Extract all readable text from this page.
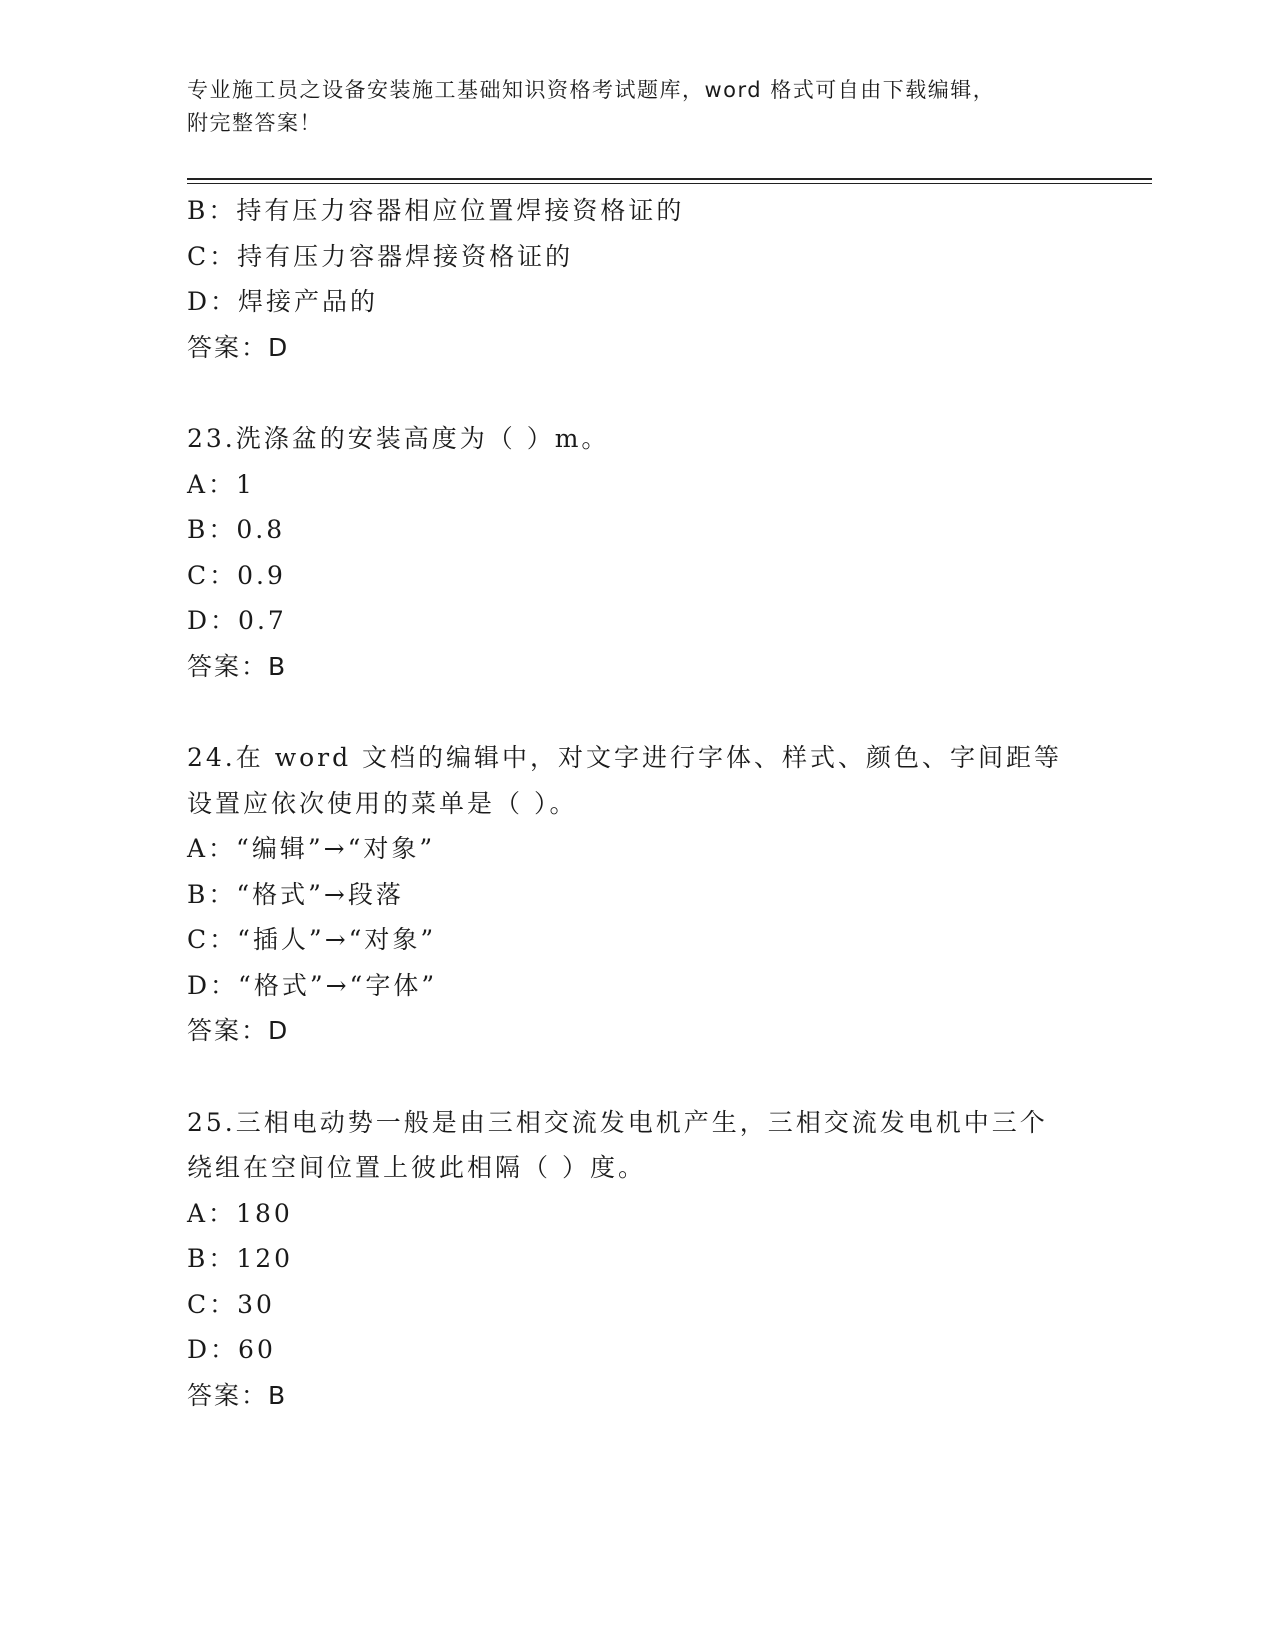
专业施工员之设备安装施工基础知识资格考试题库，word 格式可自由下载编辑，
附完整答案！
B：持有压力容器相应位置焊接资格证的
C：持有压力容器焊接资格证的
D：焊接产品的
答案：D
23.洗涤盆的安装高度为（ ）m。
A：1
B：0.8
C：0.9
D：0.7
答案：B
24.在 word 文档的编辑中，对文字进行字体、样式、颜色、字间距等
设置应依次使用的菜单是（ ）。
A：“编辑”→“对象”
B：“格式”→段落
C：“插人”→“对象”
D：“格式”→“字体”
答案：D
25.三相电动势一般是由三相交流发电机产生，三相交流发电机中三个
绕组在空间位置上彼此相隔（ ）度。
A：180
B：120
C：30
D：60
答案：B
